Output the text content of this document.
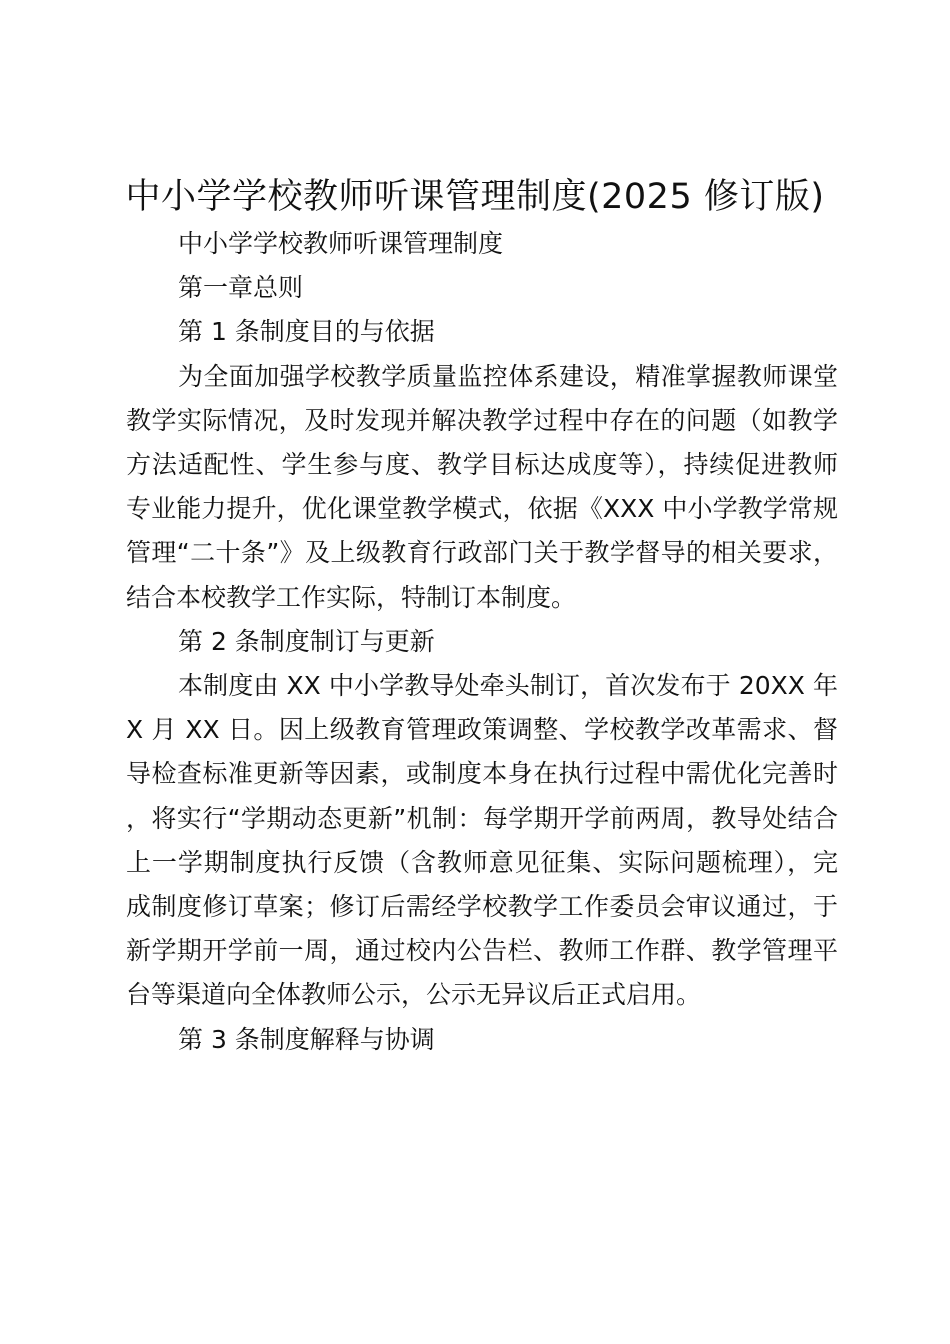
中小学学校教师听课管理制度(2025 修订版)

中小学学校教师听课管理制度

第一章总则

第 1 条制度目的与依据

为全面加强学校教学质量监控体系建设，精准掌握教师课堂教学实际情况，及时发现并解决教学过程中存在的问题（如教学方法适配性、学生参与度、教学目标达成度等），持续促进教师专业能力提升，优化课堂教学模式，依据《XXX 中小学教学常规管理“二十条”》及上级教育行政部门关于教学督导的相关要求，结合本校教学工作实际，特制订本制度。

第 2 条制度制订与更新

本制度由 XX 中小学教导处牵头制订，首次发布于 20XX 年 X 月 XX 日。因上级教育管理政策调整、学校教学改革需求、督导检查标准更新等因素，或制度本身在执行过程中需优化完善时，将实行“学期动态更新”机制：每学期开学前两周，教导处结合上一学期制度执行反馈（含教师意见征集、实际问题梳理），完成制度修订草案；修订后需经学校教学工作委员会审议通过，于新学期开学前一周，通过校内公告栏、教师工作群、教学管理平台等渠道向全体教师公示，公示无异议后正式启用。

第 3 条制度解释与协调
